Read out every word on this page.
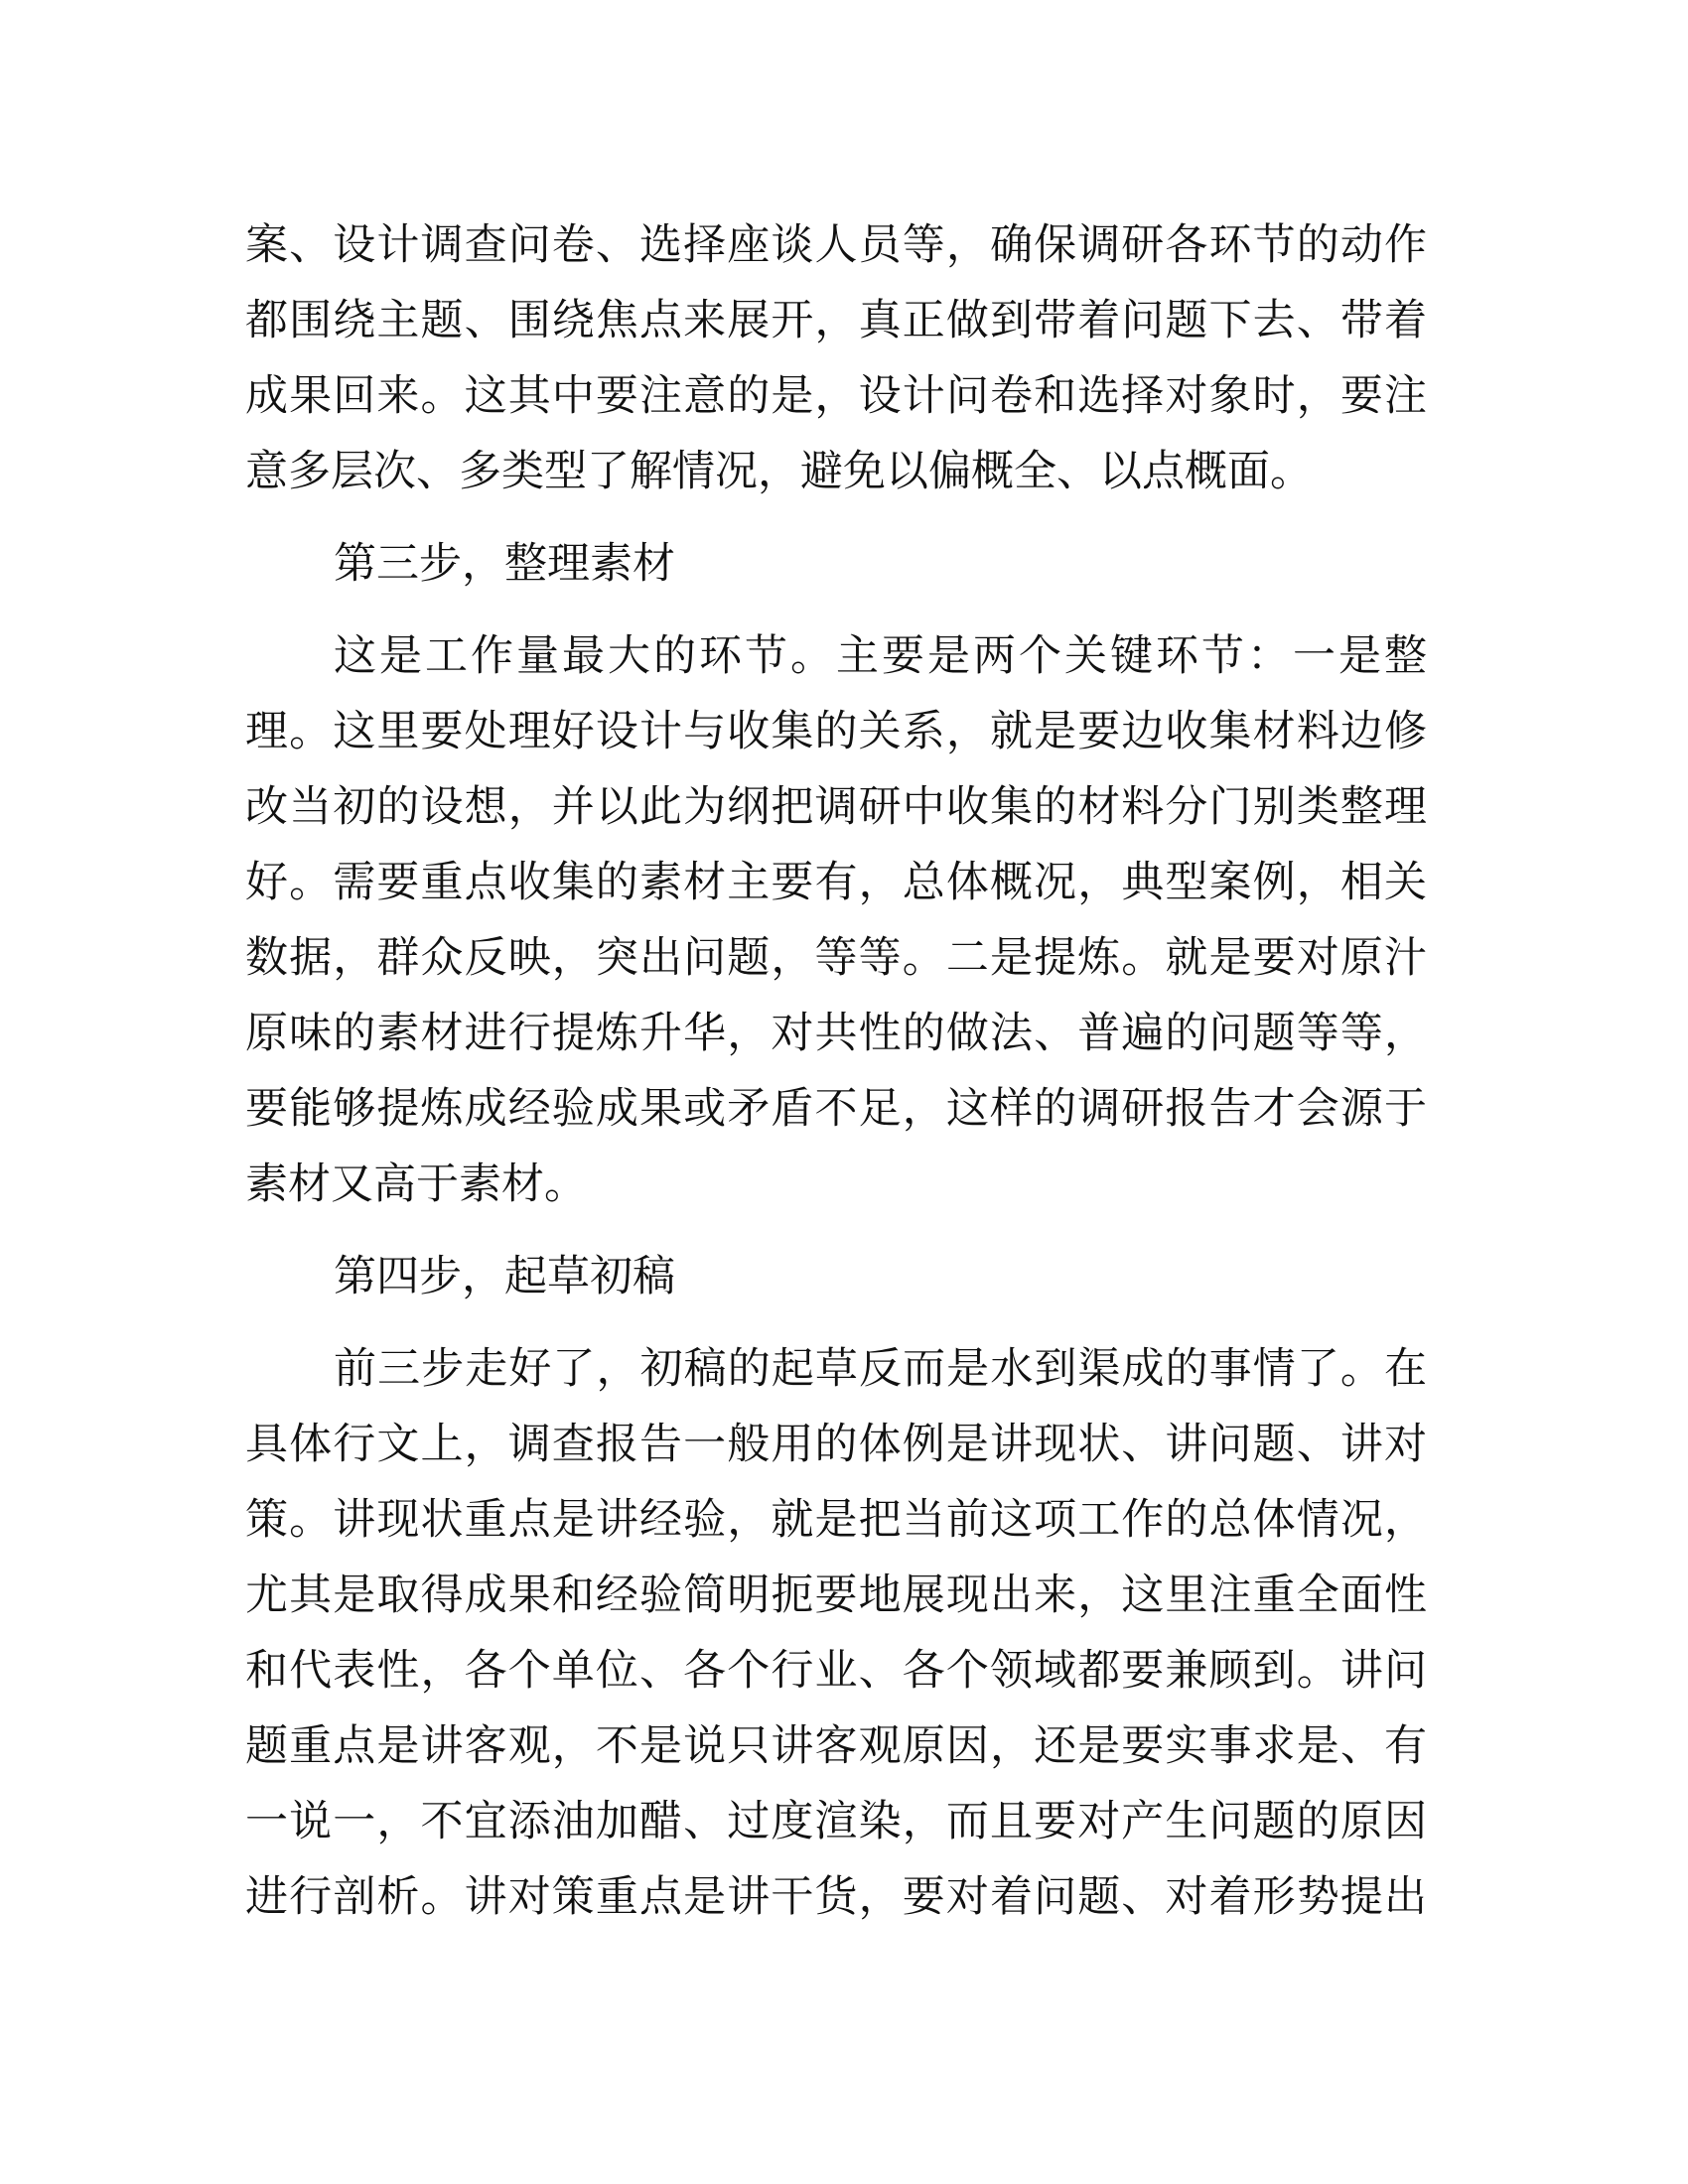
案、设计调查问卷、选择座谈人员等，确保调研各环节的动作
都围绕主题、围绕焦点来展开，真正做到带着问题下去、带着
成果回来。这其中要注意的是，设计问卷和选择对象时，要注
意多层次、多类型了解情况，避免以偏概全、以点概面。
第三步，整理素材
这是工作量最大的环节。主要是两个关键环节：一是整
理。这里要处理好设计与收集的关系，就是要边收集材料边修
改当初的设想，并以此为纲把调研中收集的材料分门别类整理
好。需要重点收集的素材主要有，总体概况，典型案例，相关
数据，群众反映，突出问题，等等。二是提炼。就是要对原汁
原味的素材进行提炼升华，对共性的做法、普遍的问题等等，
要能够提炼成经验成果或矛盾不足，这样的调研报告才会源于
素材又高于素材。
第四步，起草初稿
前三步走好了，初稿的起草反而是水到渠成的事情了。在
具体行文上，调查报告一般用的体例是讲现状、讲问题、讲对
策。讲现状重点是讲经验，就是把当前这项工作的总体情况，
尤其是取得成果和经验简明扼要地展现出来，这里注重全面性
和代表性，各个单位、各个行业、各个领域都要兼顾到。讲问
题重点是讲客观，不是说只讲客观原因，还是要实事求是、有
一说一，不宜添油加醋、过度渲染，而且要对产生问题的原因
进行剖析。讲对策重点是讲干货，要对着问题、对着形势提出
